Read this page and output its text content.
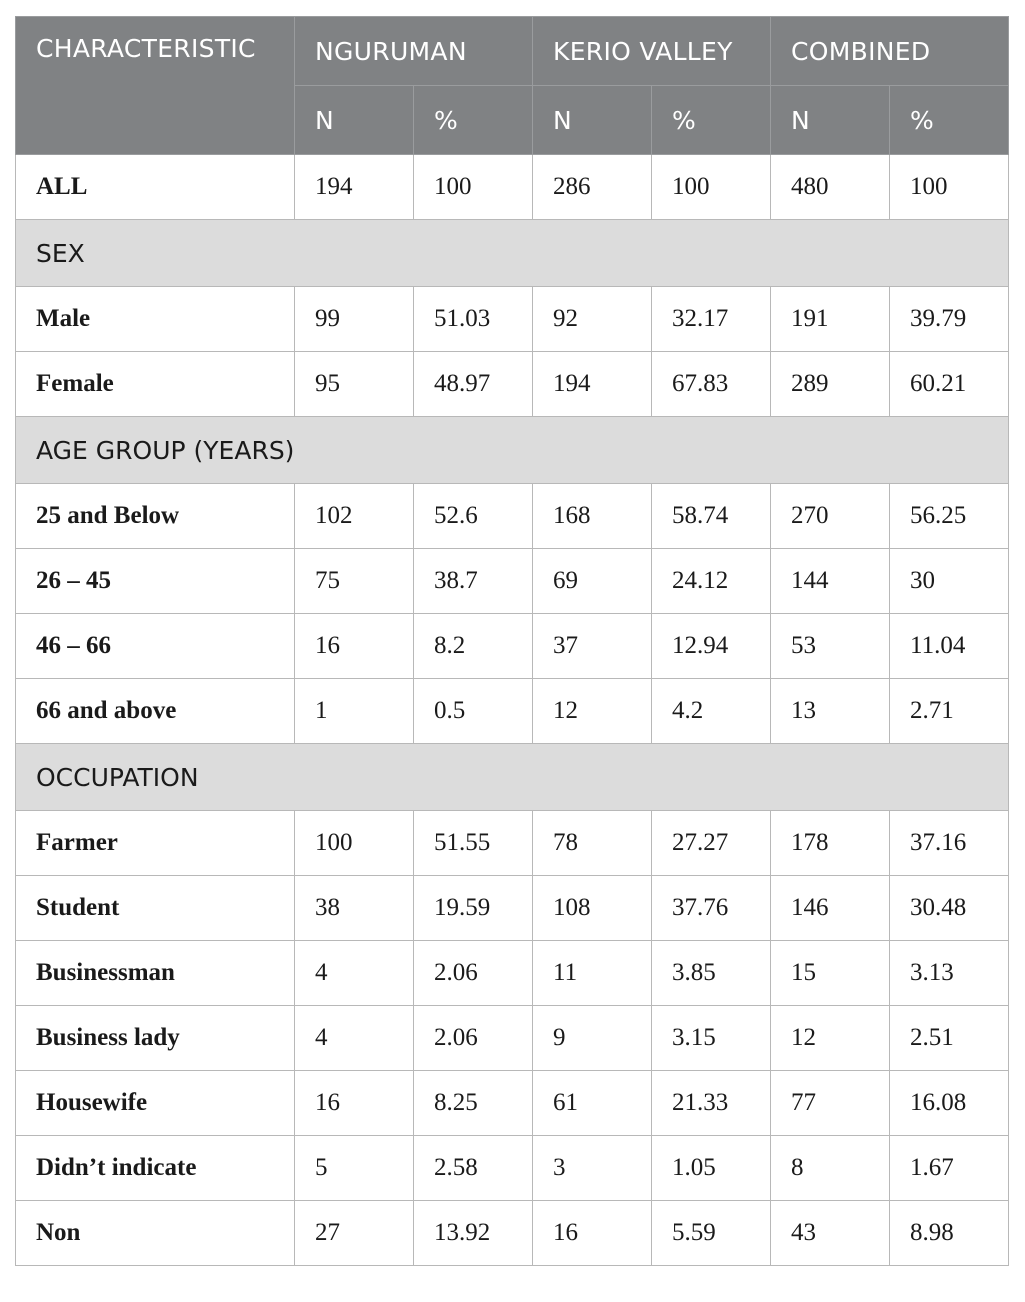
CHARACTERISTIC	NGURUMAN		KERIO VALLEY		COMBINED	
	N	%	N	%	N	%
ALL	194	100	286	100	480	100
SEX						
Male	99	51.03	92	32.17	191	39.79
Female	95	48.97	194	67.83	289	60.21
AGE GROUP (YEARS)						
25 and Below	102	52.6	168	58.74	270	56.25
26 – 45	75	38.7	69	24.12	144	30
46 – 66	16	8.2	37	12.94	53	11.04
66 and above	1	0.5	12	4.2	13	2.71
OCCUPATION						
Farmer	100	51.55	78	27.27	178	37.16
Student	38	19.59	108	37.76	146	30.48
Businessman	4	2.06	11	3.85	15	3.13
Business lady	4	2.06	9	3.15	12	2.51
Housewife	16	8.25	61	21.33	77	16.08
Didn’t indicate	5	2.58	3	1.05	8	1.67
Non	27	13.92	16	5.59	43	8.98
